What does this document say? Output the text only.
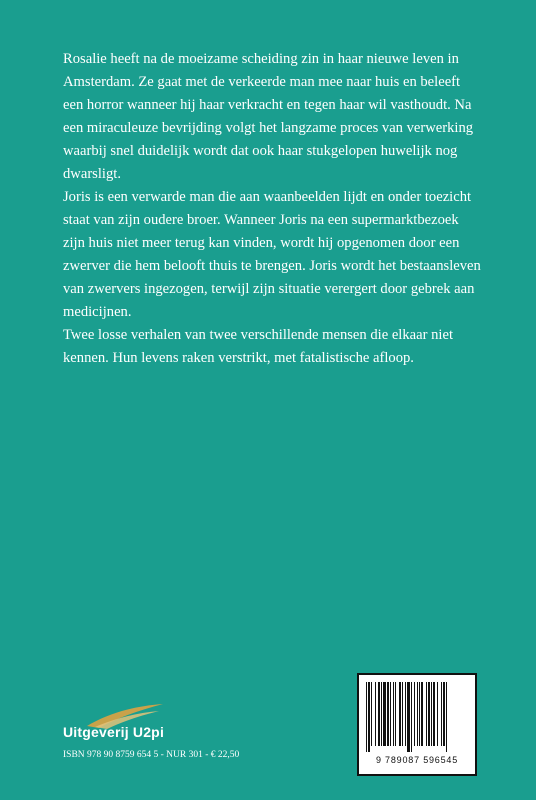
Rosalie heeft na de moeizame scheiding zin in haar nieuwe leven in Amsterdam. Ze gaat met de verkeerde man mee naar huis en beleeft een horror wanneer hij haar verkracht en tegen haar wil vasthoudt. Na een miraculeuze bevrijding volgt het langzame proces van verwerking waarbij snel duidelijk wordt dat ook haar stukgelopen huwelijk nog dwarsligt.

Joris is een verwarde man die aan waanbeelden lijdt en onder toezicht staat van zijn oudere broer. Wanneer Joris na een supermarktbezoek zijn huis niet meer terug kan vinden, wordt hij opgenomen door een zwerver die hem belooft thuis te brengen. Joris wordt het bestaansleven van zwervers ingezogen, terwijl zijn situatie verergert door gebrek aan medicijnen.

Twee losse verhalen van twee verschillende mensen die elkaar niet kennen. Hun levens raken verstrikt, met fatalistische afloop.

Uitgeverij U2pi
ISBN 978 90 8759 654 5 - NUR 301 - € 22,50	9 789087 596545
